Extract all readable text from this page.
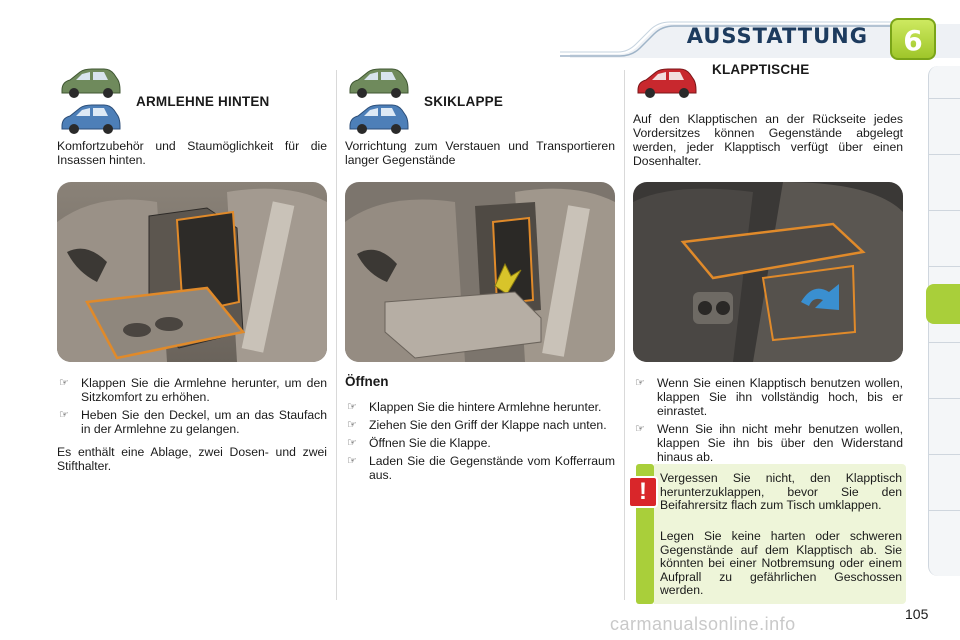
AUSSTATTUNG	6
ARMLEHNE HINTEN
Komfortzubehör und Staumöglichkeit für die Insassen hinten.
☞ Klappen Sie die Armlehne herunter, um den Sitzkomfort zu erhöhen.
☞ Heben Sie den Deckel, um an das Staufach in der Armlehne zu gelangen.
Es enthält eine Ablage, zwei Dosen- und zwei Stifthalter.
SKIKLAPPE
Vorrichtung zum Verstauen und Transportieren langer Gegenstände
Öffnen
☞ Klappen Sie die hintere Armlehne herunter.
☞ Ziehen Sie den Griff der Klappe nach unten.
☞ Öffnen Sie die Klappe.
☞ Laden Sie die Gegenstände vom Kofferraum aus.
KLAPPTISCHE
Auf den Klapptischen an der Rückseite jedes Vordersitzes können Gegenstände abgelegt werden, jeder Klapptisch verfügt über einen Dosenhalter.
☞ Wenn Sie einen Klapptisch benutzen wollen, klappen Sie ihn vollständig hoch, bis er einrastet.
☞ Wenn Sie ihn nicht mehr benutzen wollen, klappen Sie ihn bis über den Widerstand hinaus ab.
!	Vergessen Sie nicht, den Klapptisch herunterzuklappen, bevor Sie den Beifahrersitz flach zum Tisch umklappen.
Legen Sie keine harten oder schweren Gegenstände auf dem Klapptisch ab. Sie könnten bei einer Notbremsung oder einem Aufprall zu gefährlichen Geschossen werden.
carmanualsonline.info	105
